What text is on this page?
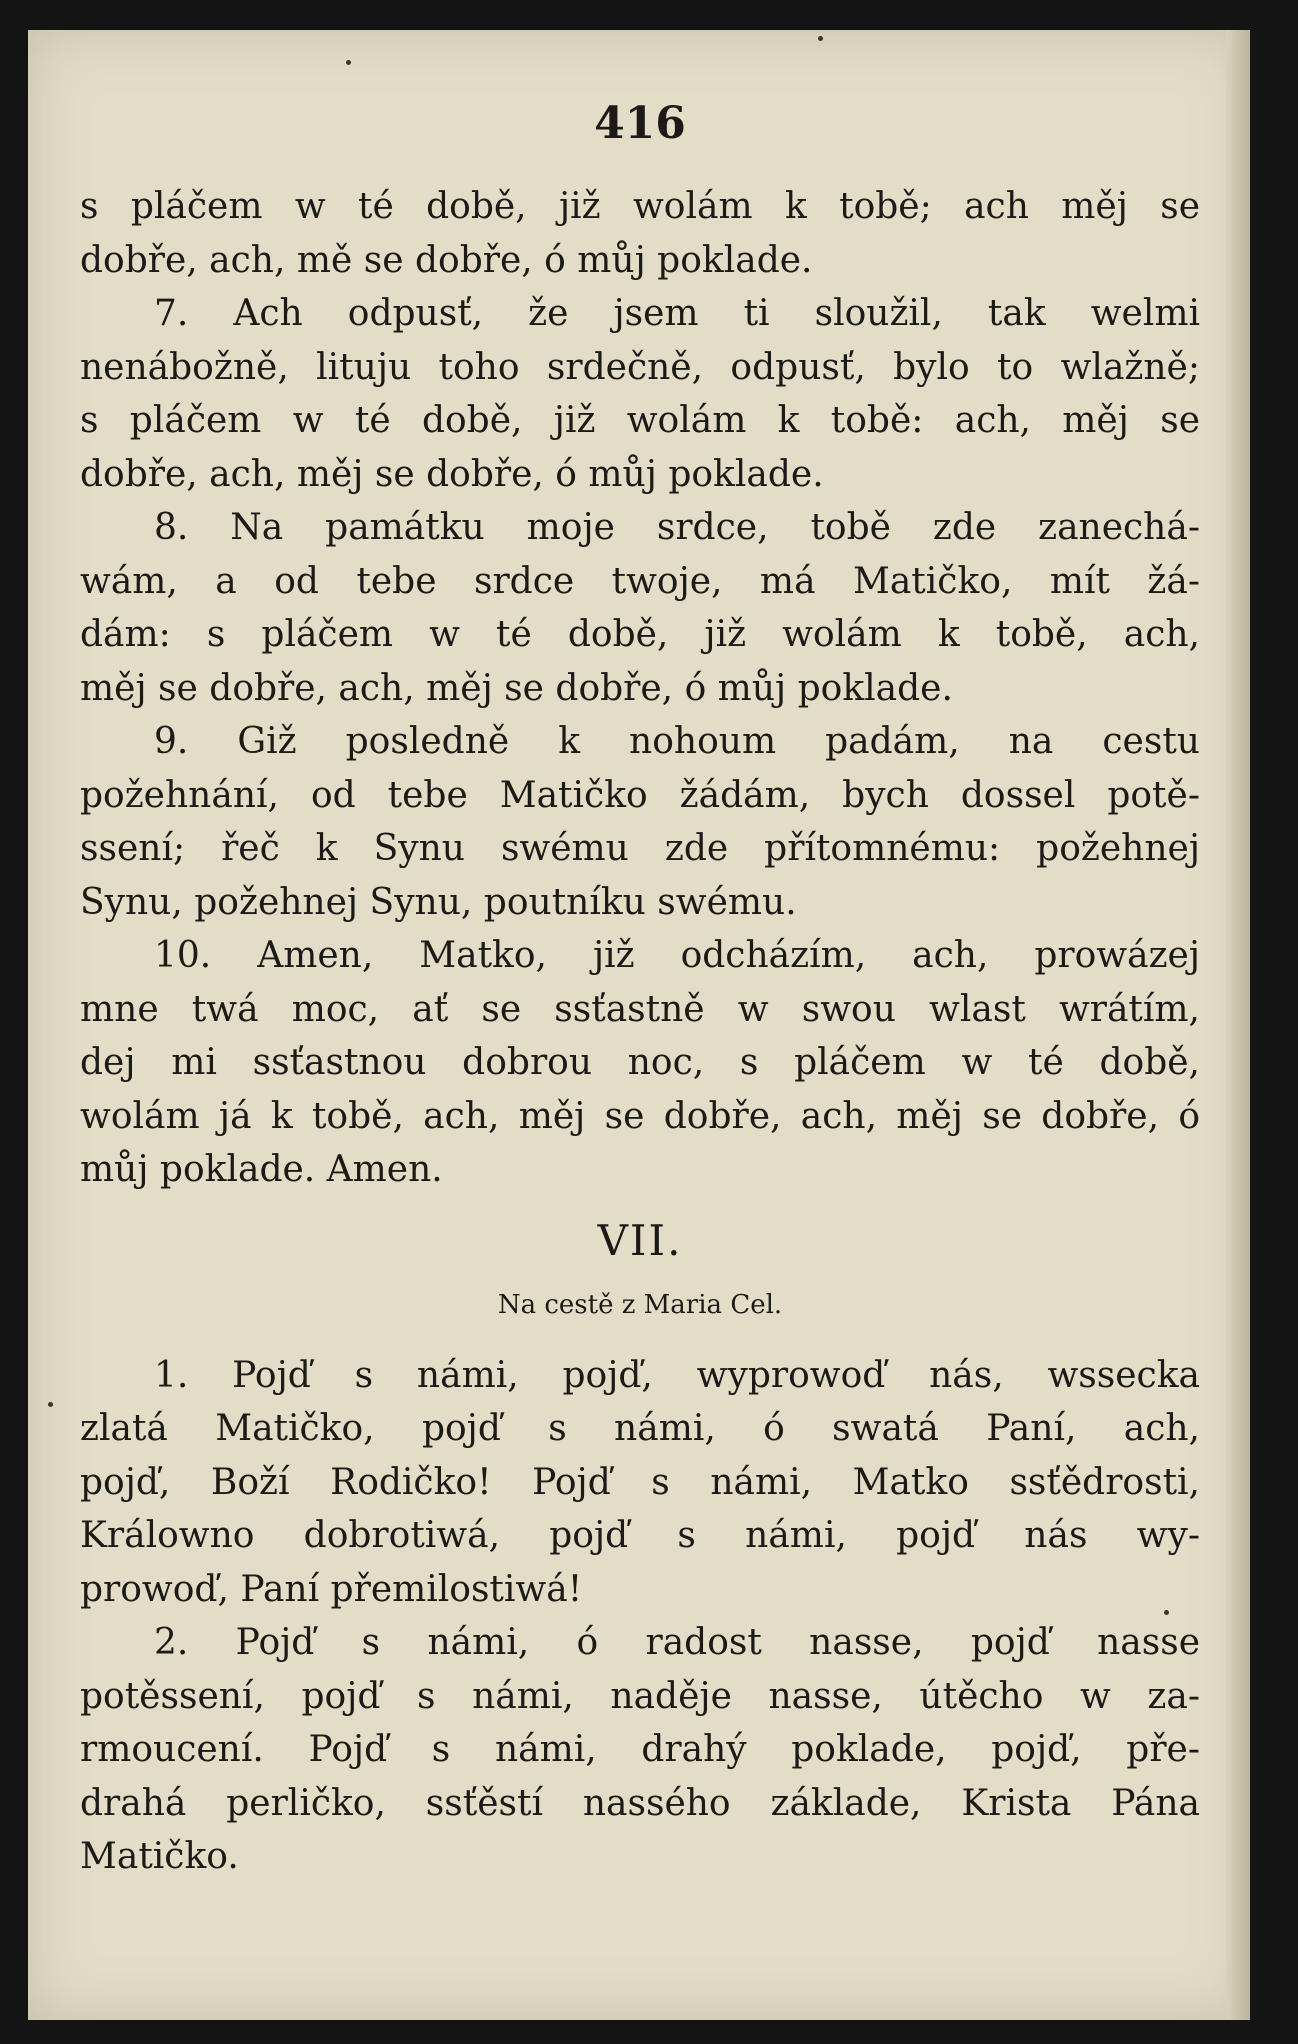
416
s pláčem w té době, již wolám k tobě; ach měj se
dobře, ach, mě se dobře, ó můj poklade.
7. Ach odpusť, že jsem ti sloužil, tak welmi
nenábožně, lituju toho srdečně, odpusť, bylo to wlažně;
s pláčem w té době, již wolám k tobě: ach, měj se
dobře, ach, měj se dobře, ó můj poklade.
8. Na památku moje srdce, tobě zde zanechá-
wám, a od tebe srdce twoje, má Matičko, mít žá-
dám: s pláčem w té době, již wolám k tobě, ach,
měj se dobře, ach, měj se dobře, ó můj poklade.
9. Giž posledně k nohoum padám, na cestu
požehnání, od tebe Matičko žádám, bych dossel potě-
ssení; řeč k Synu swému zde přítomnému: požehnej
Synu, požehnej Synu, poutníku swému.
10. Amen, Matko, již odcházím, ach, prowázej
mne twá moc, ať se ssťastně w swou wlast wrátím,
dej mi ssťastnou dobrou noc, s pláčem w té době,
wolám já k tobě, ach, měj se dobře, ach, měj se dobře, ó
můj poklade. Amen.
VII.
Na cestě z Maria Cel.
1. Pojď s námi, pojď, wyprowoď nás, wssecka
zlatá Matičko, pojď s námi, ó swatá Paní, ach,
pojď, Boží Rodičko! Pojď s námi, Matko ssťědrosti,
Králowno dobrotiwá, pojď s námi, pojď nás wy-
prowoď, Paní přemilostiwá!
2. Pojď s námi, ó radost nasse, pojď nasse
potěssení, pojď s námi, naděje nasse, útěcho w za-
rmoucení. Pojď s námi, drahý poklade, pojď, pře-
drahá perličko, ssťěstí nassého základe, Krista Pána
Matičko.
